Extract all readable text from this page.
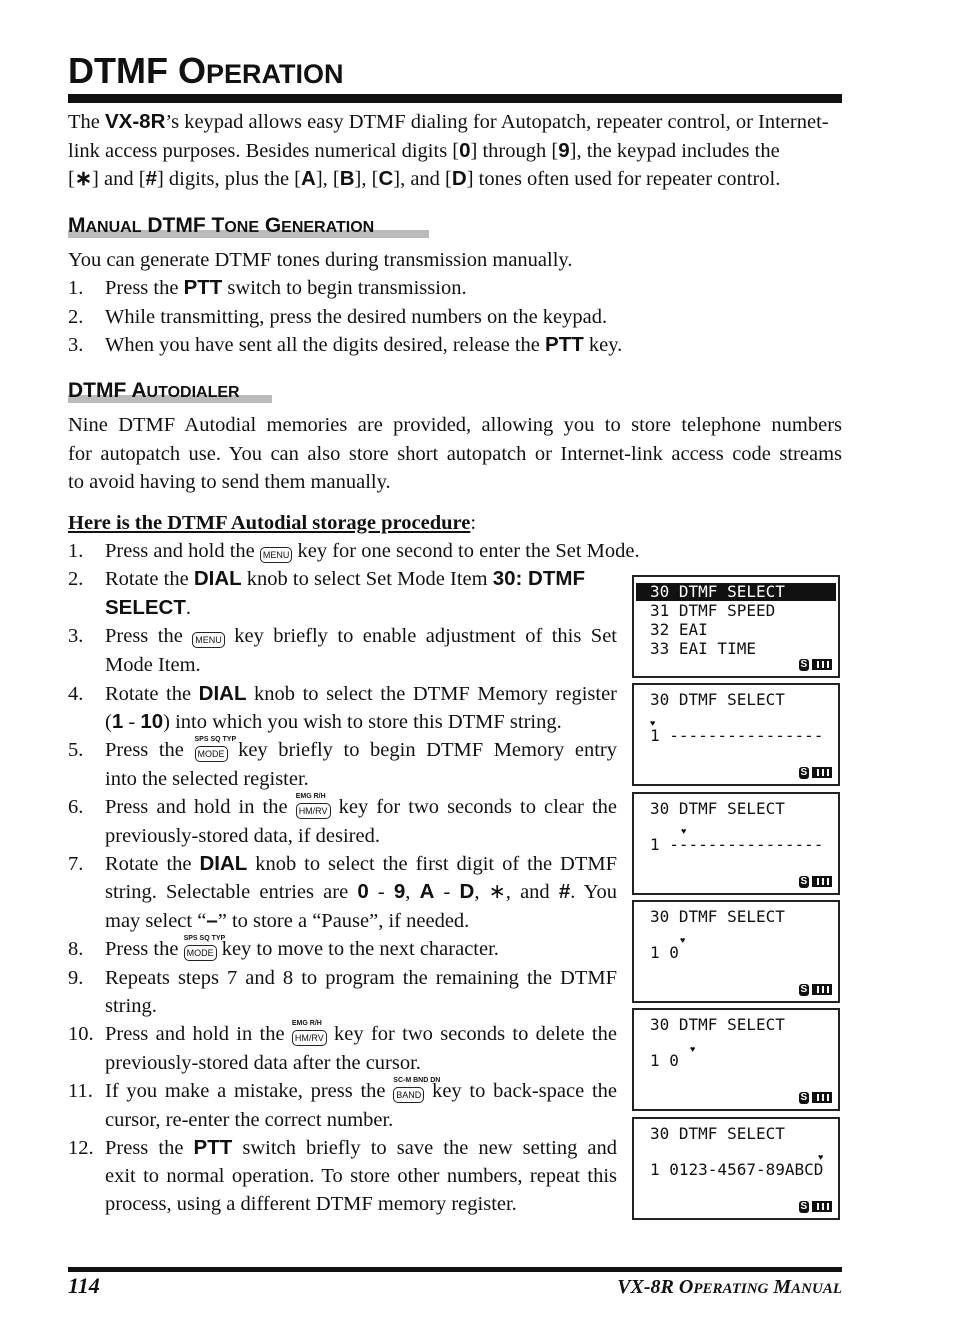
DTMF OPERATION
The VX-8R’s keypad allows easy DTMF dialing for Autopatch, repeater control, or Internet-
link access purposes. Besides numerical digits [0] through [9], the keypad includes the
[∗] and [#] digits, plus the [A], [B], [C], and [D] tones often used for repeater control.
MANUAL DTMF TONE GENERATION
You can generate DTMF tones during transmission manually.
1. Press the PTT switch to begin transmission.
2. While transmitting, press the desired numbers on the keypad.
3. When you have sent all the digits desired, release the PTT key.
DTMF AUTODIALER
Nine DTMF Autodial memories are provided, allowing you to store telephone numbers
for autopatch use. You can also store short autopatch or Internet-link access code streams
to avoid having to send them manually.
Here is the DTMF Autodial storage procedure:
1. Press and hold the MENU key for one second to enter the Set Mode.
2. Rotate the DIAL knob to select Set Mode Item 30: DTMF
SELECT.
3. Press the MENU key briefly to enable adjustment of this Set
Mode Item.
4. Rotate the DIAL knob to select the DTMF Memory register
(1 - 10) into which you wish to store this DTMF string.
5. Press the SPS SQ TYP
MODE key briefly to begin DTMF Memory entry
into the selected register.
6. Press and hold in the EMG R/H
HM/RV key for two seconds to clear the
previously-stored data, if desired.
7. Rotate the DIAL knob to select the first digit of the DTMF
string. Selectable entries are 0 - 9, A - D, ∗, and #. You
may select “–” to store a “Pause”, if needed.
8. Press the SPS SQ TYP
MODE key to move to the next character.
9. Repeats steps 7 and 8 to program the remaining the DTMF
string.
10. Press and hold in the EMG R/H
HM/RV key for two seconds to delete the
previously-stored data after the cursor.
11. If you make a mistake, press the SC-M BND DN
BAND key to back-space the
cursor, re-enter the correct number.
12. Press the PTT switch briefly to save the new setting and
exit to normal operation. To store other numbers, repeat this
process, using a different DTMF memory register.
30 DTMF SELECT
31 DTMF SPEED
32 EAI
33 EAI TIME
S
30 DTMF SELECT
♥
1 ----------------
S
30 DTMF SELECT
♥
1 ----------------
S
30 DTMF SELECT
♥
1 0
S
30 DTMF SELECT
♥
1 0
S
30 DTMF SELECT
♥
1 0123-4567-89ABCD
S
114	VX-8R OPERATING MANUAL
